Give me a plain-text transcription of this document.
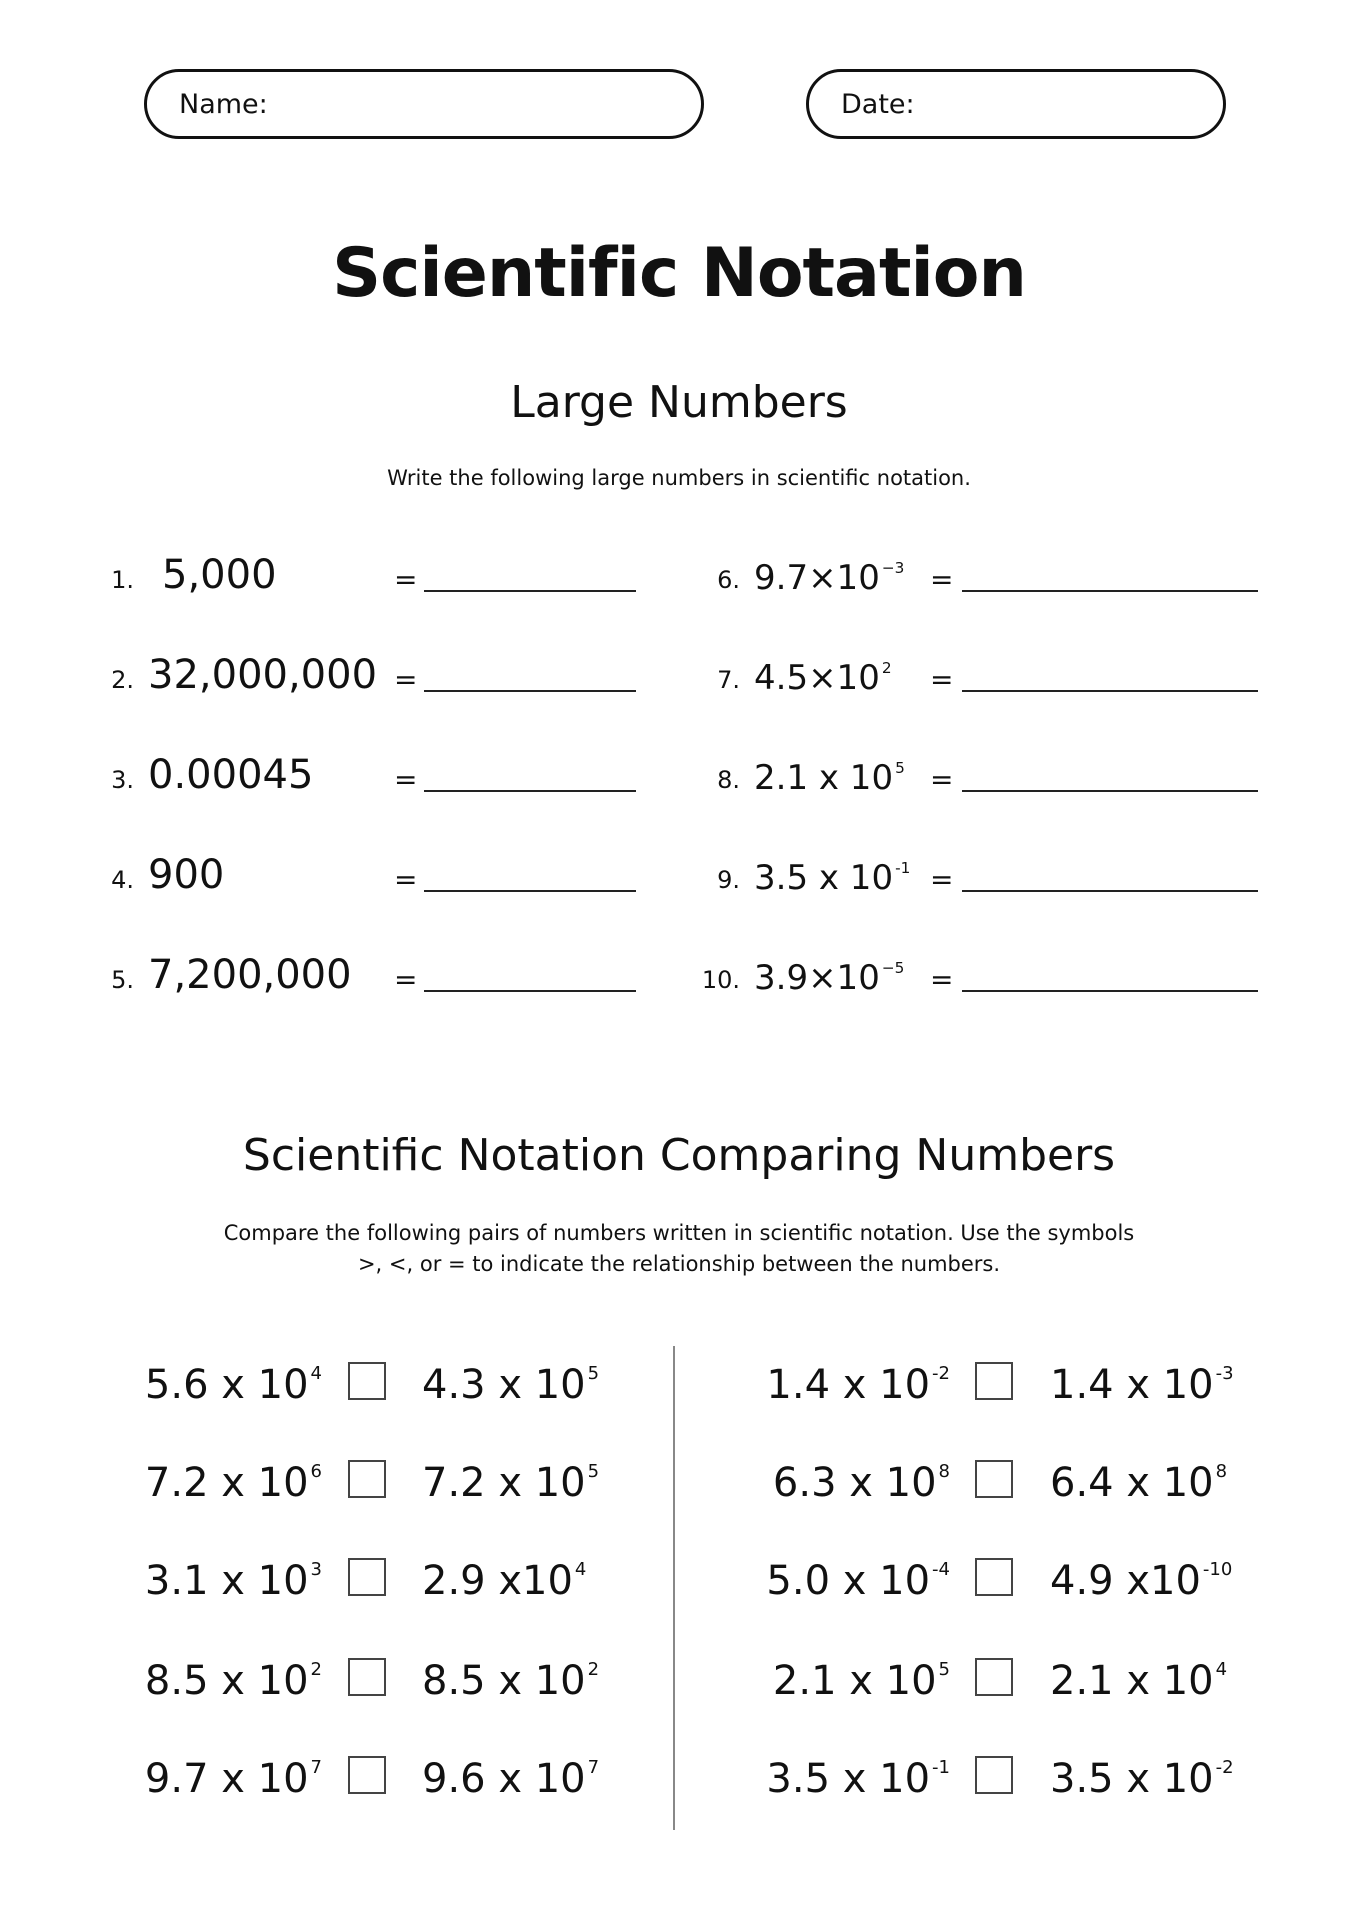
Name:	Date:
Scientific Notation
Large Numbers
Write the following large numbers in scientific notation.
1. 5,000	=
2. 32,000,000 =
3. 0.00045	=
4. 900	=
5. 7,200,000 =
6. 9.7×10 $^{-3}$ =
7. 4.5×10 $^2$ =
8. 2.1 x 10 $^5$ =
9. 3.5 x 10 $^{-1}$ =
10. 3.9×10 $^{-5}$ =
Scientific Notation Comparing Numbers
Compare the following pairs of numbers written in scientific notation. Use the symbols
>, <, or = to indicate the relationship between the numbers.
5.6 x 10 $^4$	4.3 x 10 $^5$
7.2 x 10 $^6$	7.2 x 10 $^5$
3.1 x 10 $^3$	2.9 x10 $^4$
8.5 x 10 $^2$	8.5 x 10 $^2$
9.7 x 10 $^7$	9.6 x 10 $^7$
1.4 x 10 $^{-2}$	1.4 x 10 $^{-3}$
6.3 x 10 $^8$	6.4 x 10 $^8$
5.0 x 10 $^{-4}$	4.9 x10 $^{-10}$
2.1 x 10 $^5$	2.1 x 10 $^4$
3.5 x 10 $^{-1}$	3.5 x 10 $^{-2}$
